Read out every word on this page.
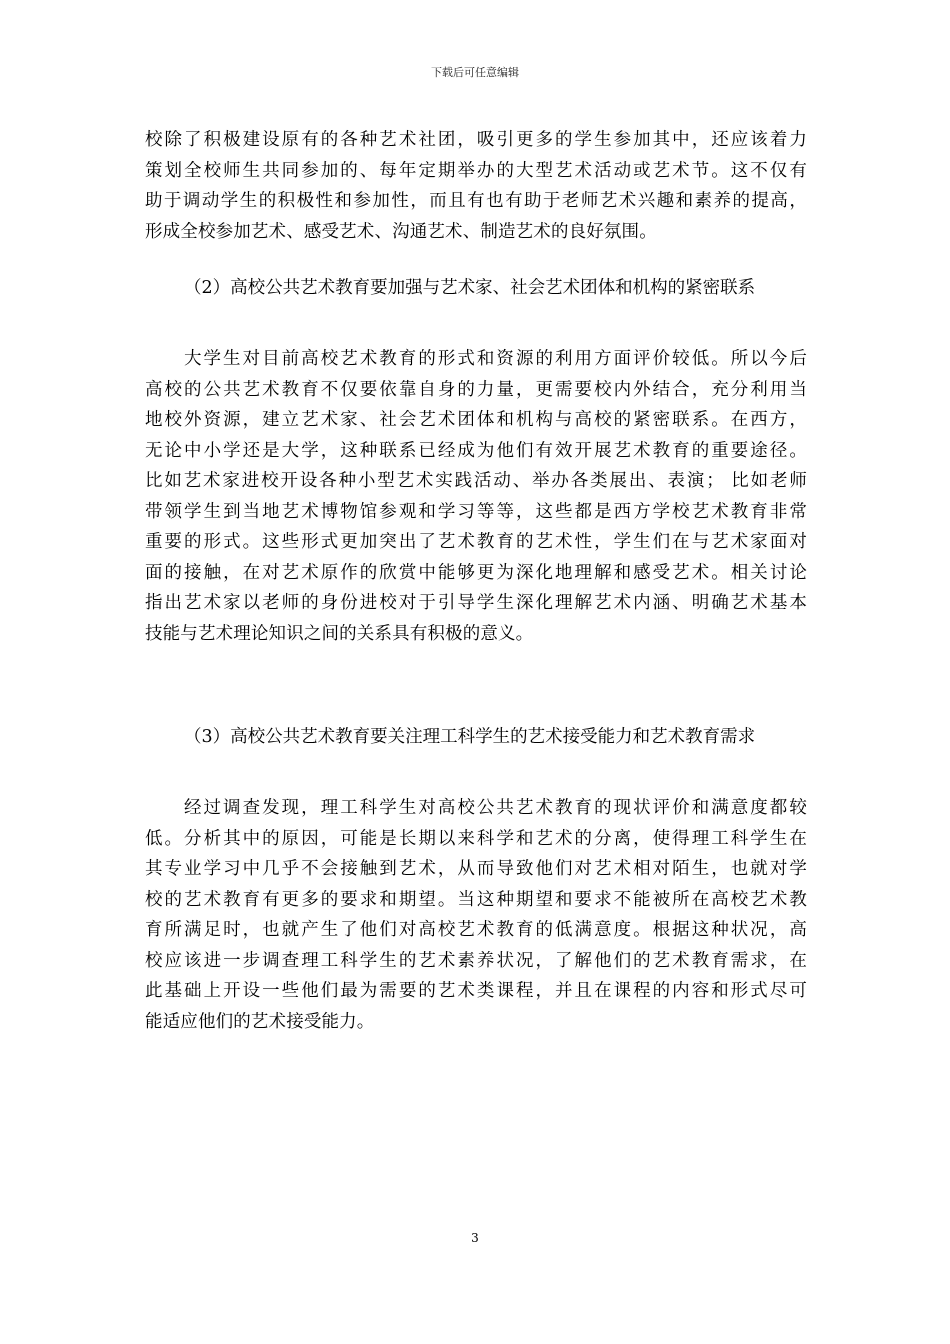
下载后可任意编辑
校除了积极建设原有的各种艺术社团，吸引更多的学生参加其中，还应该着力
策划全校师生共同参加的、每年定期举办的大型艺术活动或艺术节。这不仅有
助于调动学生的积极性和参加性，而且有也有助于老师艺术兴趣和素养的提高，
形成全校参加艺术、感受艺术、沟通艺术、制造艺术的良好氛围。
（2）高校公共艺术教育要加强与艺术家、社会艺术团体和机构的紧密联系
大学生对目前高校艺术教育的形式和资源的利用方面评价较低。所以今后
高校的公共艺术教育不仅要依靠自身的力量，更需要校内外结合，充分利用当
地校外资源，建立艺术家、社会艺术团体和机构与高校的紧密联系。在西方，
无论中小学还是大学，这种联系已经成为他们有效开展艺术教育的重要途径。
比如艺术家进校开设各种小型艺术实践活动、举办各类展出、表演； 比如老师
带领学生到当地艺术博物馆参观和学习等等，这些都是西方学校艺术教育非常
重要的形式。这些形式更加突出了艺术教育的艺术性，学生们在与艺术家面对
面的接触，在对艺术原作的欣赏中能够更为深化地理解和感受艺术。相关讨论
指出艺术家以老师的身份进校对于引导学生深化理解艺术内涵、明确艺术基本
技能与艺术理论知识之间的关系具有积极的意义。
（3）高校公共艺术教育要关注理工科学生的艺术接受能力和艺术教育需求
经过调查发现，理工科学生对高校公共艺术教育的现状评价和满意度都较
低。分析其中的原因，可能是长期以来科学和艺术的分离，使得理工科学生在
其专业学习中几乎不会接触到艺术，从而导致他们对艺术相对陌生，也就对学
校的艺术教育有更多的要求和期望。当这种期望和要求不能被所在高校艺术教
育所满足时，也就产生了他们对高校艺术教育的低满意度。根据这种状况，高
校应该进一步调查理工科学生的艺术素养状况，了解他们的艺术教育需求，在
此基础上开设一些他们最为需要的艺术类课程，并且在课程的内容和形式尽可
能适应他们的艺术接受能力。
3
